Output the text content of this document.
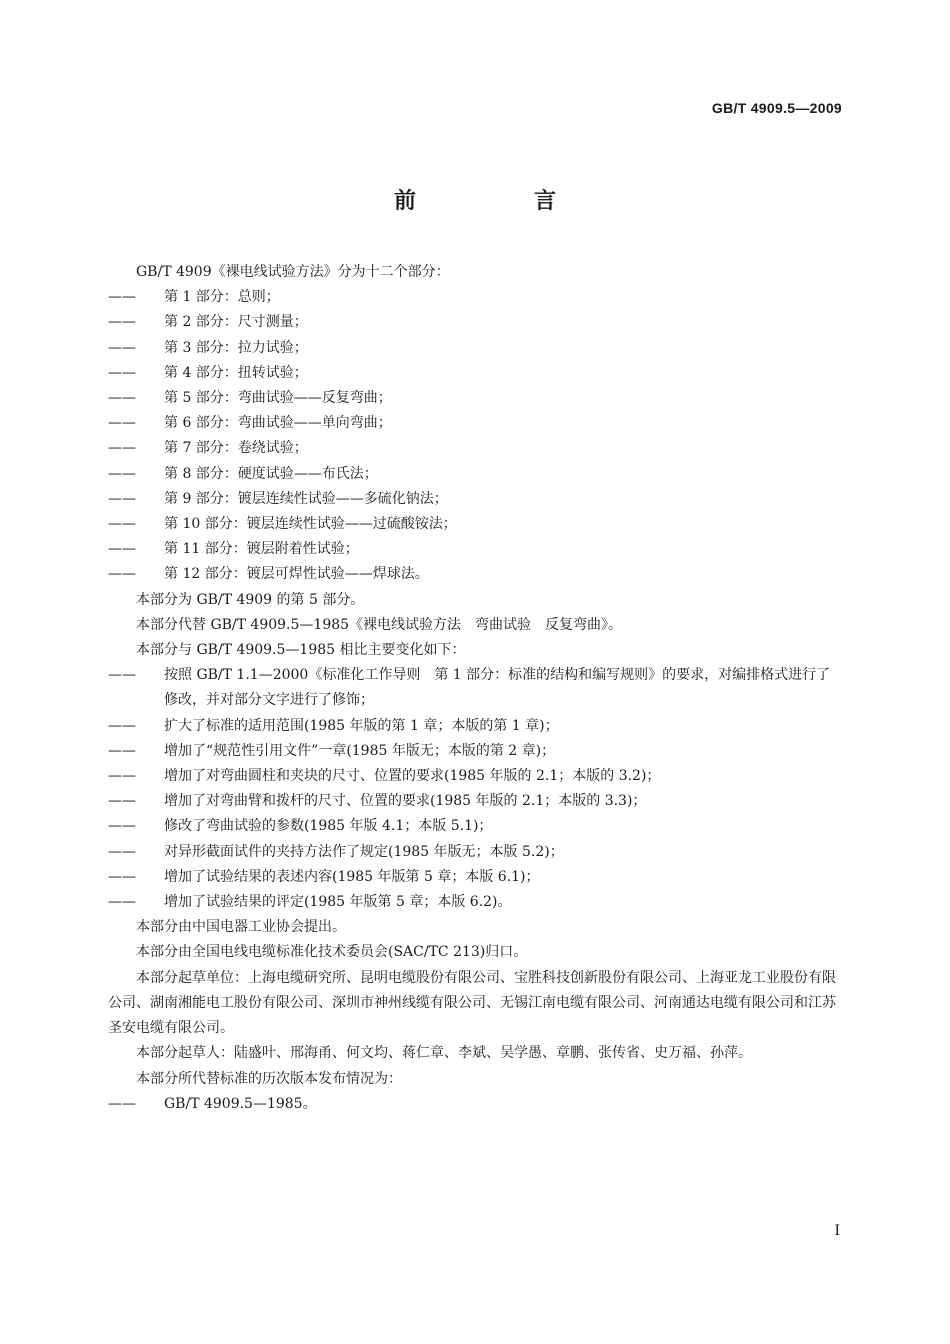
GB/T 4909.5—2009
前　言

GB/T 4909《裸电线试验方法》分为十二个部分：

—— 第 1 部分：总则；

—— 第 2 部分：尺寸测量；

—— 第 3 部分：拉力试验；

—— 第 4 部分：扭转试验；

—— 第 5 部分：弯曲试验——反复弯曲；

—— 第 6 部分：弯曲试验——单向弯曲；

—— 第 7 部分：卷绕试验；

—— 第 8 部分：硬度试验——布氏法；

—— 第 9 部分：镀层连续性试验——多硫化钠法；

—— 第 10 部分：镀层连续性试验——过硫酸铵法；

—— 第 11 部分：镀层附着性试验；

—— 第 12 部分：镀层可焊性试验——焊球法。

本部分为 GB/T 4909 的第 5 部分。

本部分代替 GB/T 4909.5—1985《裸电线试验方法　弯曲试验　反复弯曲》。

本部分与 GB/T 4909.5—1985 相比主要变化如下：

—— 按照 GB/T 1.1—2000《标准化工作导则　第 1 部分：标准的结构和编写规则》的要求，对编排格式进行了修改，并对部分文字进行了修饰；

—— 扩大了标准的适用范围(1985 年版的第 1 章；本版的第 1 章)；

—— 增加了“规范性引用文件”一章(1985 年版无；本版的第 2 章)；

—— 增加了对弯曲圆柱和夹块的尺寸、位置的要求(1985 年版的 2.1；本版的 3.2)；

—— 增加了对弯曲臂和拨杆的尺寸、位置的要求(1985 年版的 2.1；本版的 3.3)；

—— 修改了弯曲试验的参数(1985 年版 4.1；本版 5.1)；

—— 对异形截面试件的夹持方法作了规定(1985 年版无；本版 5.2)；

—— 增加了试验结果的表述内容(1985 年版第 5 章；本版 6.1)；

—— 增加了试验结果的评定(1985 年版第 5 章；本版 6.2)。

本部分由中国电器工业协会提出。

本部分由全国电线电缆标准化技术委员会(SAC/TC 213)归口。

本部分起草单位：上海电缆研究所、昆明电缆股份有限公司、宝胜科技创新股份有限公司、上海亚龙工业股份有限公司、湖南湘能电工股份有限公司、深圳市神州线缆有限公司、无锡江南电缆有限公司、河南通达电缆有限公司和江苏圣安电缆有限公司。

本部分起草人：陆盛叶、邢海甬、何文均、蒋仁章、李斌、吴学愚、章鹏、张传省、史万福、孙萍。

本部分所代替标准的历次版本发布情况为：

—— GB/T 4909.5—1985。

I
